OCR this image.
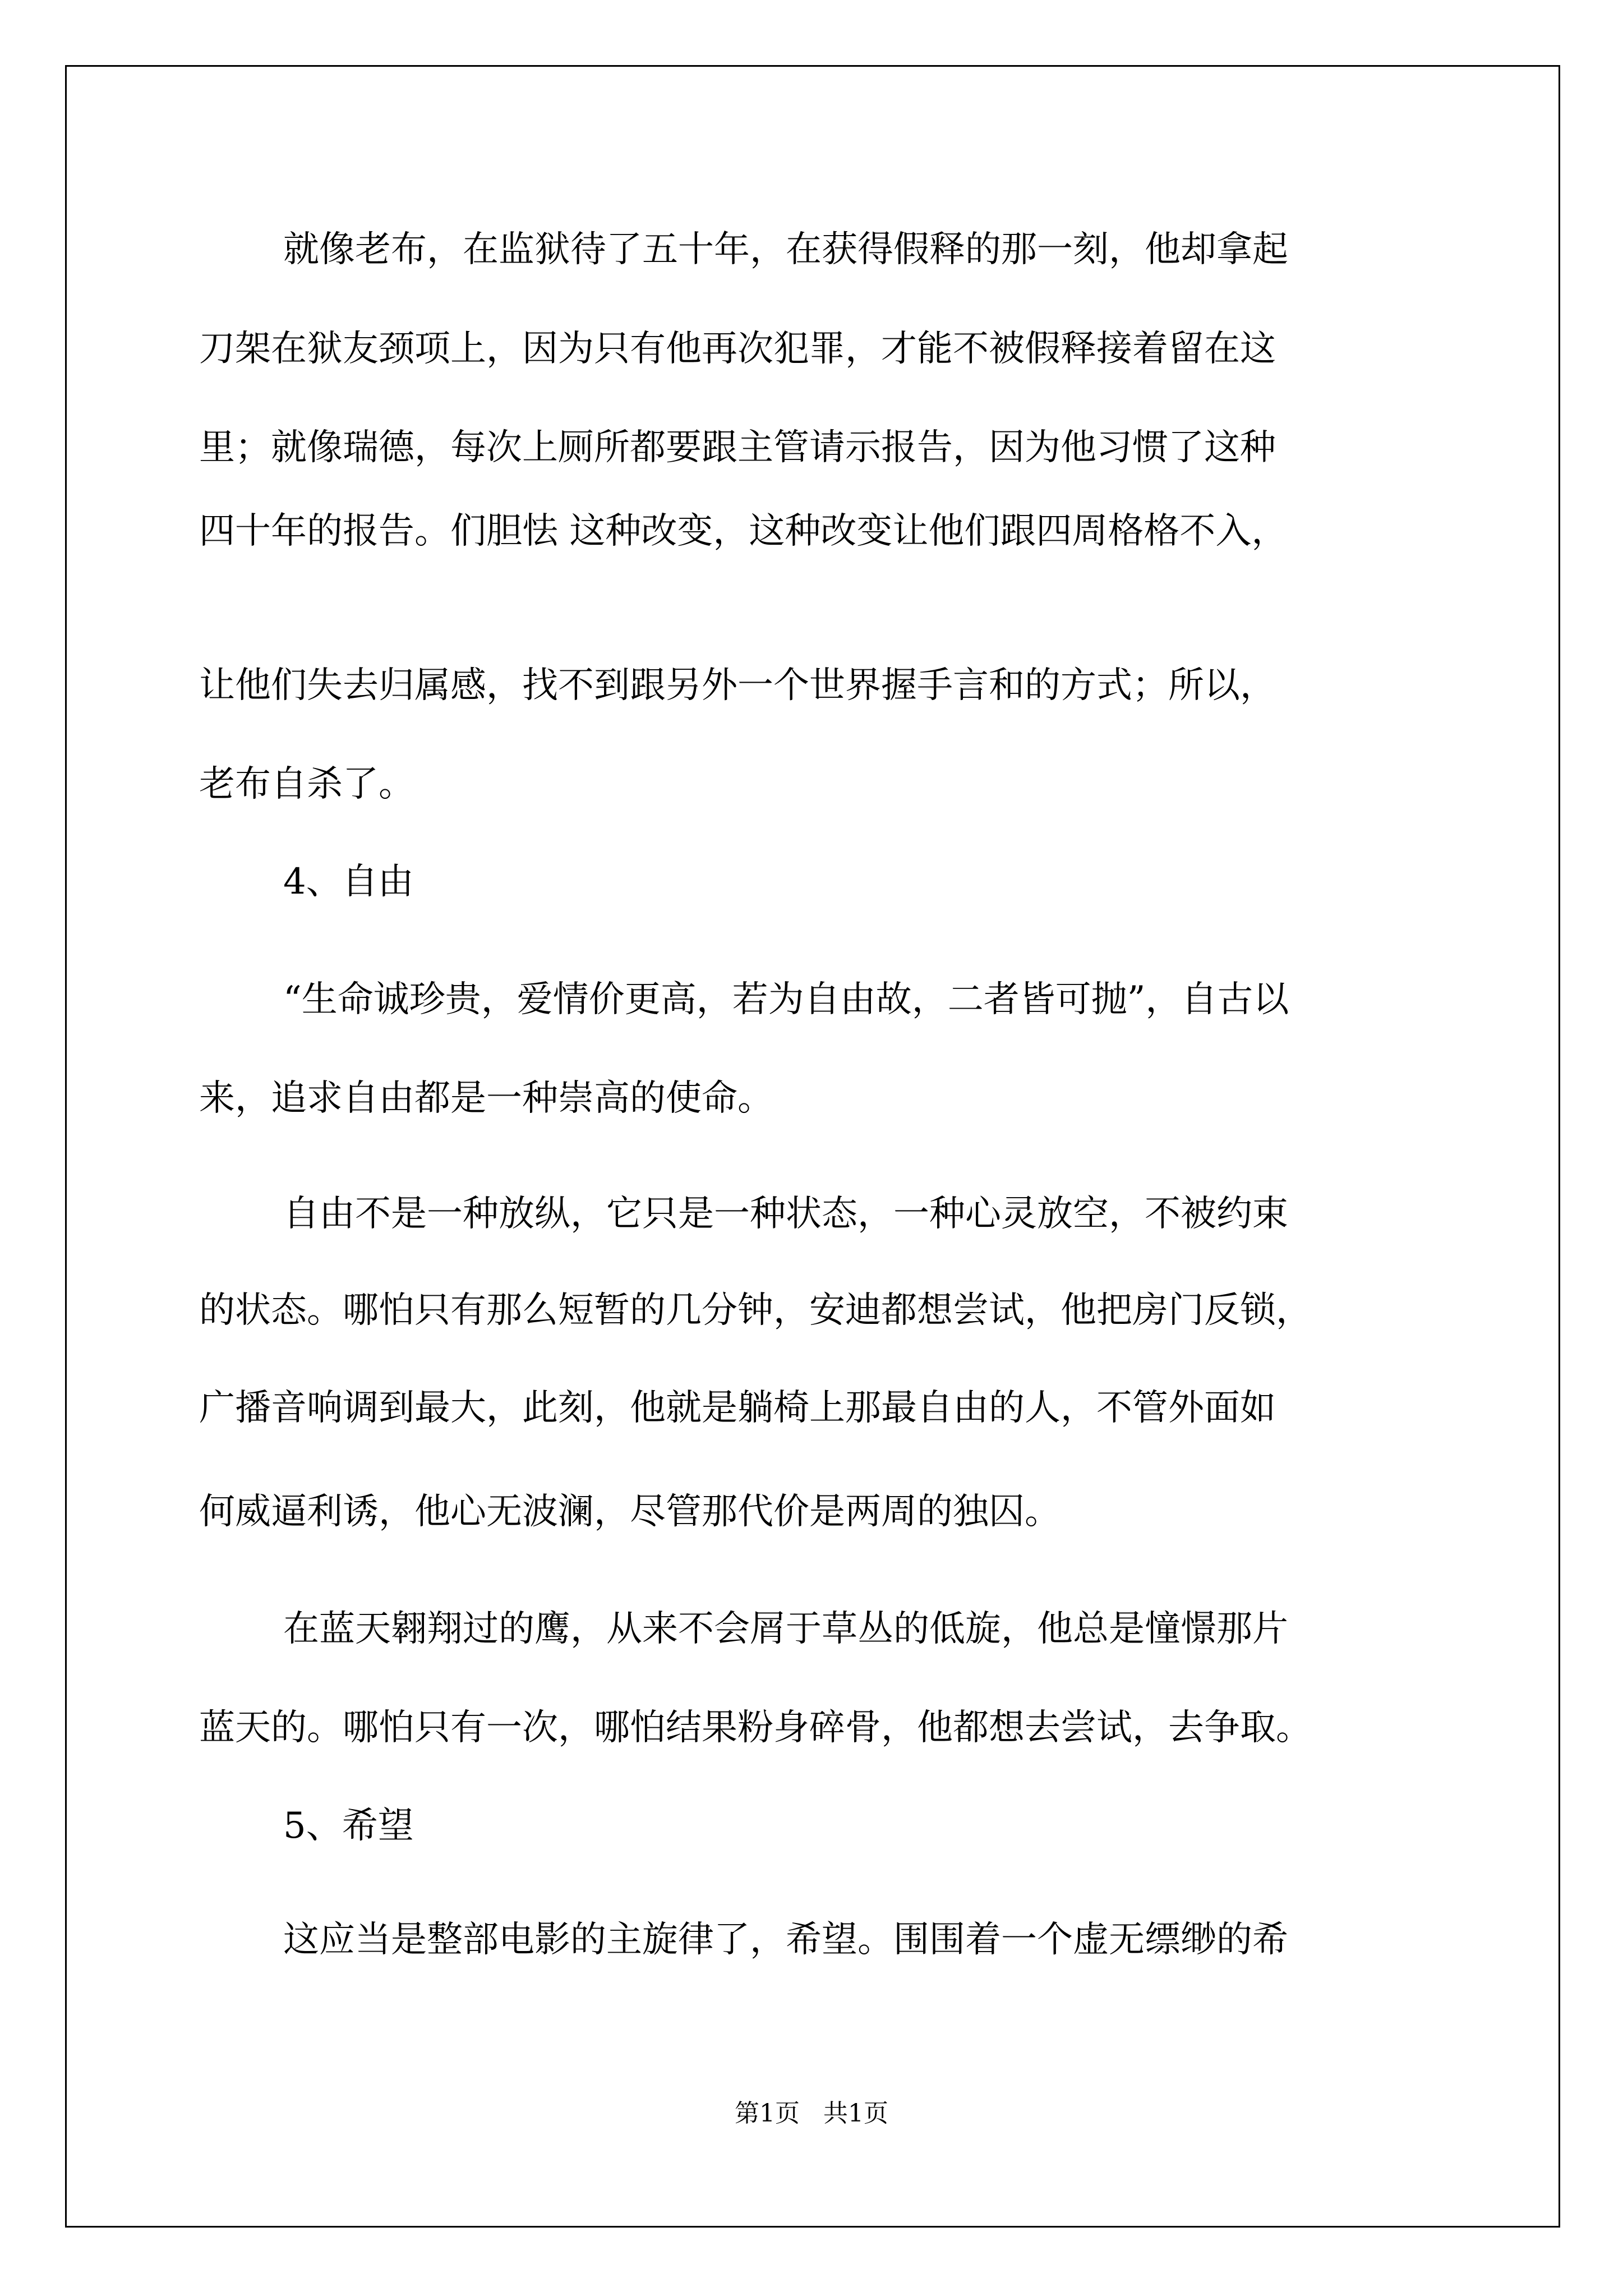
就像老布，在监狱待了五十年，在获得假释的那一刻，他却拿起
刀架在狱友颈项上，因为只有他再次犯罪，才能不被假释接着留在这
里；就像瑞德，每次上厕所都要跟主管请示报告，因为他习惯了这种
四十年的报告。们胆怯 这种改变，这种改变让他们跟四周格格不入，
让他们失去归属感，找不到跟另外一个世界握手言和的方式；所以，
老布自杀了。
4、自由
“生命诚珍贵，爱情价更高，若为自由故，二者皆可抛”，自古以
来，追求自由都是一种崇高的使命。
自由不是一种放纵，它只是一种状态，一种心灵放空，不被约束
的状态。哪怕只有那么短暂的几分钟，安迪都想尝试，他把房门反锁，
广播音响调到最大，此刻，他就是躺椅上那最自由的人，不管外面如
何威逼利诱，他心无波澜，尽管那代价是两周的独囚。
在蓝天翱翔过的鹰，从来不会屑于草丛的低旋，他总是憧憬那片
蓝天的。哪怕只有一次，哪怕结果粉身碎骨，他都想去尝试，去争取。
5、希望
这应当是整部电影的主旋律了，希望。围围着一个虚无缥缈的希
第1页   共1页
